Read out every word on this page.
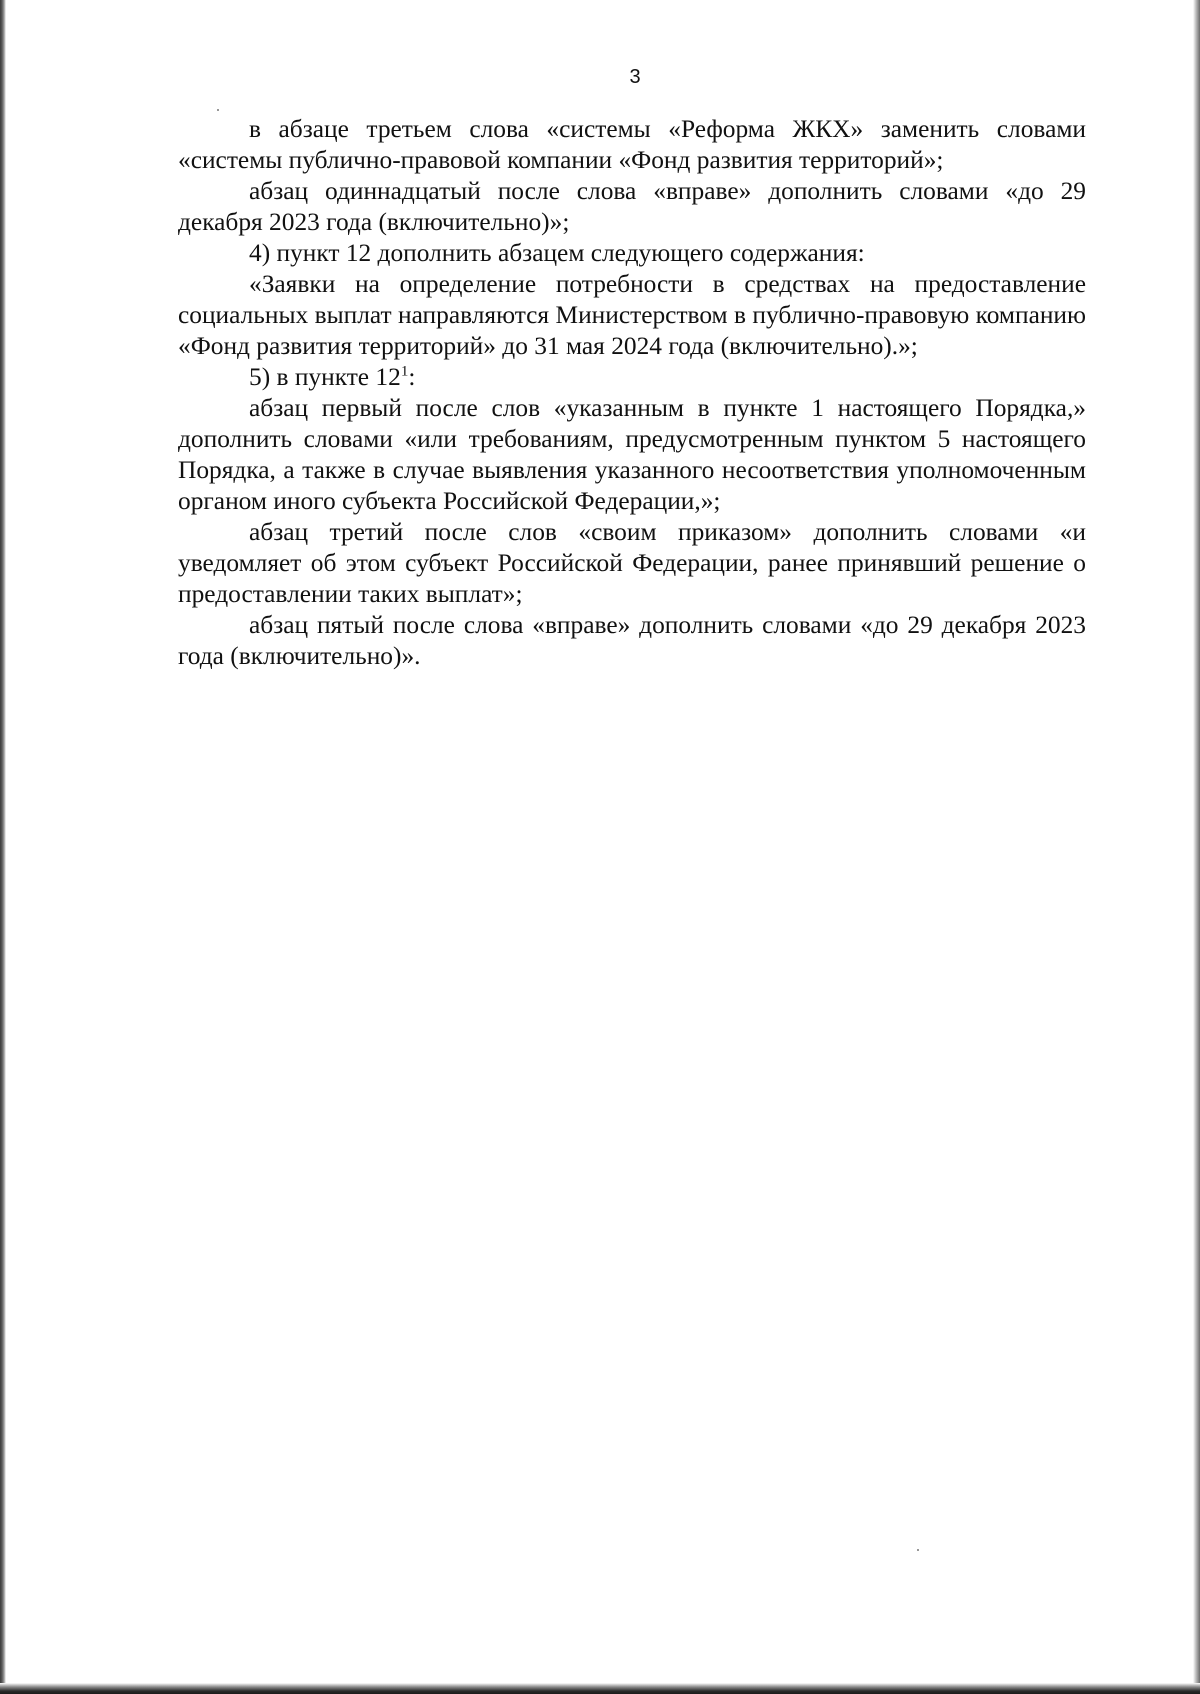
3

в абзаце третьем слова «системы «Реформа ЖКХ» заменить словами «системы публично-правовой компании «Фонд развития территорий»;

абзац одиннадцатый после слова «вправе» дополнить словами «до 29 декабря 2023 года (включительно)»;

4) пункт 12 дополнить абзацем следующего содержания:

«Заявки на определение потребности в средствах на предоставление социальных выплат направляются Министерством в публично-правовую компанию «Фонд развития территорий» до 31 мая 2024 года (включительно).»;

5) в пункте $12^1$:

абзац первый после слов «указанным в пункте 1 настоящего Порядка,» дополнить словами «или требованиям, предусмотренным пунктом 5 настоящего Порядка, а также в случае выявления указанного несоответствия уполномоченным органом иного субъекта Российской Федерации,»;

абзац третий после слов «своим приказом» дополнить словами «и уведомляет об этом субъект Российской Федерации, ранее принявший решение о предоставлении таких выплат»;

абзац пятый после слова «вправе» дополнить словами «до 29 декабря 2023 года (включительно)».
